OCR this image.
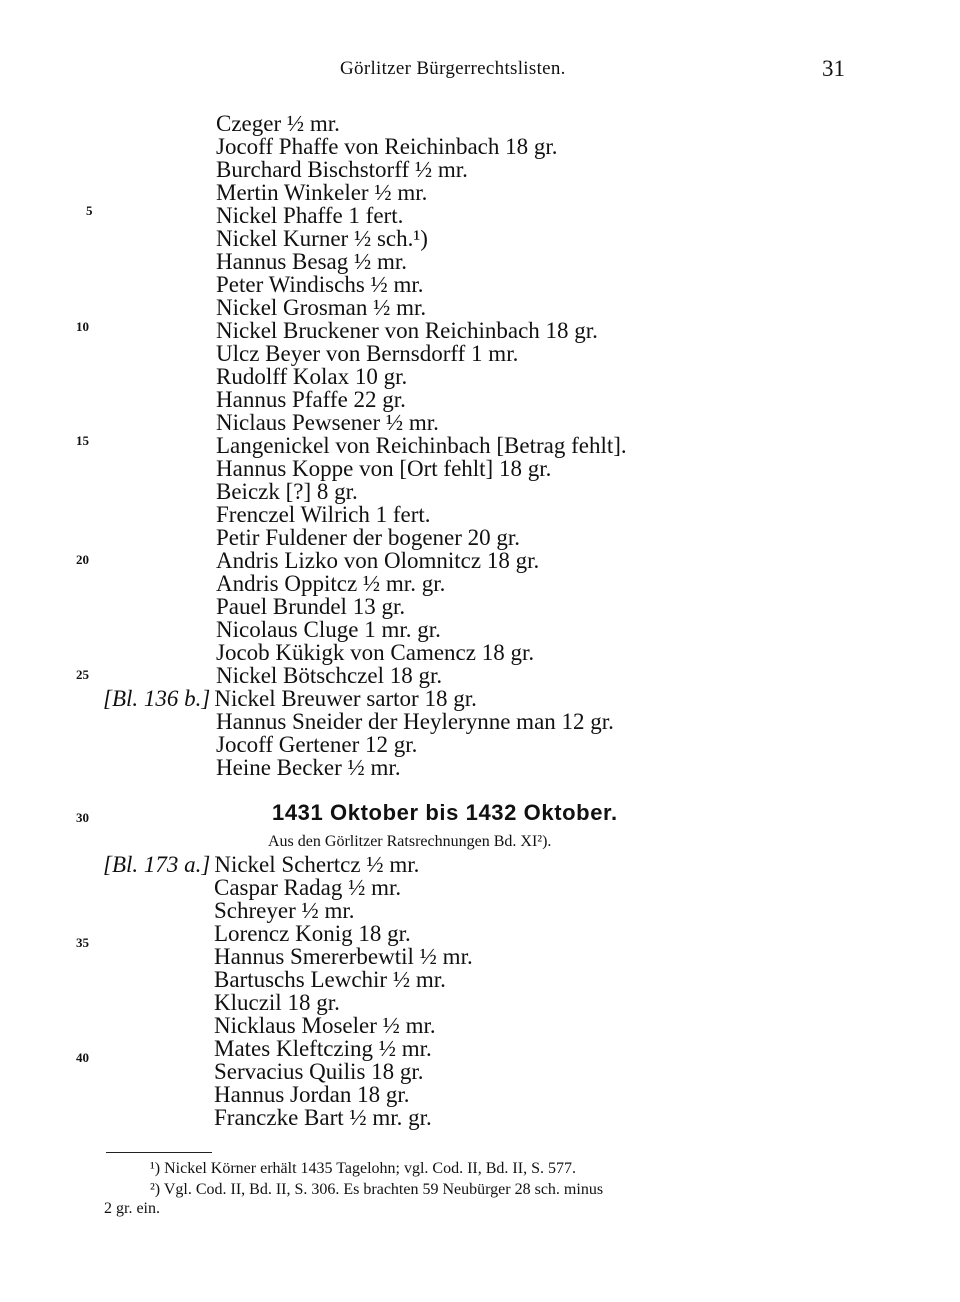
Görlitzer Bürgerrechtslisten.	31
Czeger ½ mr.
Jocoff Phaffe von Reichinbach 18 gr.
Burchard Bischstorff ½ mr.
Mertin Winkeler ½ mr.
Nickel Phaffe 1 fert.
Nickel Kurner ½ sch.¹)
Hannus Besag ½ mr.
Peter Windischs ½ mr.
Nickel Grosman ½ mr.
Nickel Bruckener von Reichinbach 18 gr.
Ulcz Beyer von Bernsdorff 1 mr.
Rudolff Kolax 10 gr.
Hannus Pfaffe 22 gr.
Niclaus Pewsener ½ mr.
Langenickel von Reichinbach [Betrag fehlt].
Hannus Koppe von [Ort fehlt] 18 gr.
Beiczk [?] 8 gr.
Frenczel Wilrich 1 fert.
Petir Fuldener der bogener 20 gr.
Andris Lizko von Olomnitcz 18 gr.
Andris Oppitcz ½ mr. gr.
Pauel Brundel 13 gr.
Nicolaus Cluge 1 mr. gr.
Jocob Kükigk von Camencz 18 gr.
Nickel Bötschczel 18 gr.
[Bl. 136 b.] Nickel Breuwer sartor 18 gr.
Hannus Sneider der Heylerynne man 12 gr.
Jocoff Gertener 12 gr.
Heine Becker ½ mr.
1431 Oktober bis 1432 Oktober.
Aus den Görlitzer Ratsrechnungen Bd. XI²).
[Bl. 173 a.] Nickel Schertcz ½ mr.
Caspar Radag ½ mr.
Schreyer ½ mr.
Lorencz Konig 18 gr.
Hannus Smererbewtil ½ mr.
Bartuschs Lewchir ½ mr.
Kluczil 18 gr.
Nicklaus Moseler ½ mr.
Mates Kleftczing ½ mr.
Servacius Quilis 18 gr.
Hannus Jordan 18 gr.
Franczke Bart ½ mr. gr.
5
10
15
20
25
30
35
40
¹) Nickel Körner erhält 1435 Tagelohn; vgl. Cod. II, Bd. II, S. 577.
²) Vgl. Cod. II, Bd. II, S. 306. Es brachten 59 Neubürger 28 sch. minus
2 gr. ein.
